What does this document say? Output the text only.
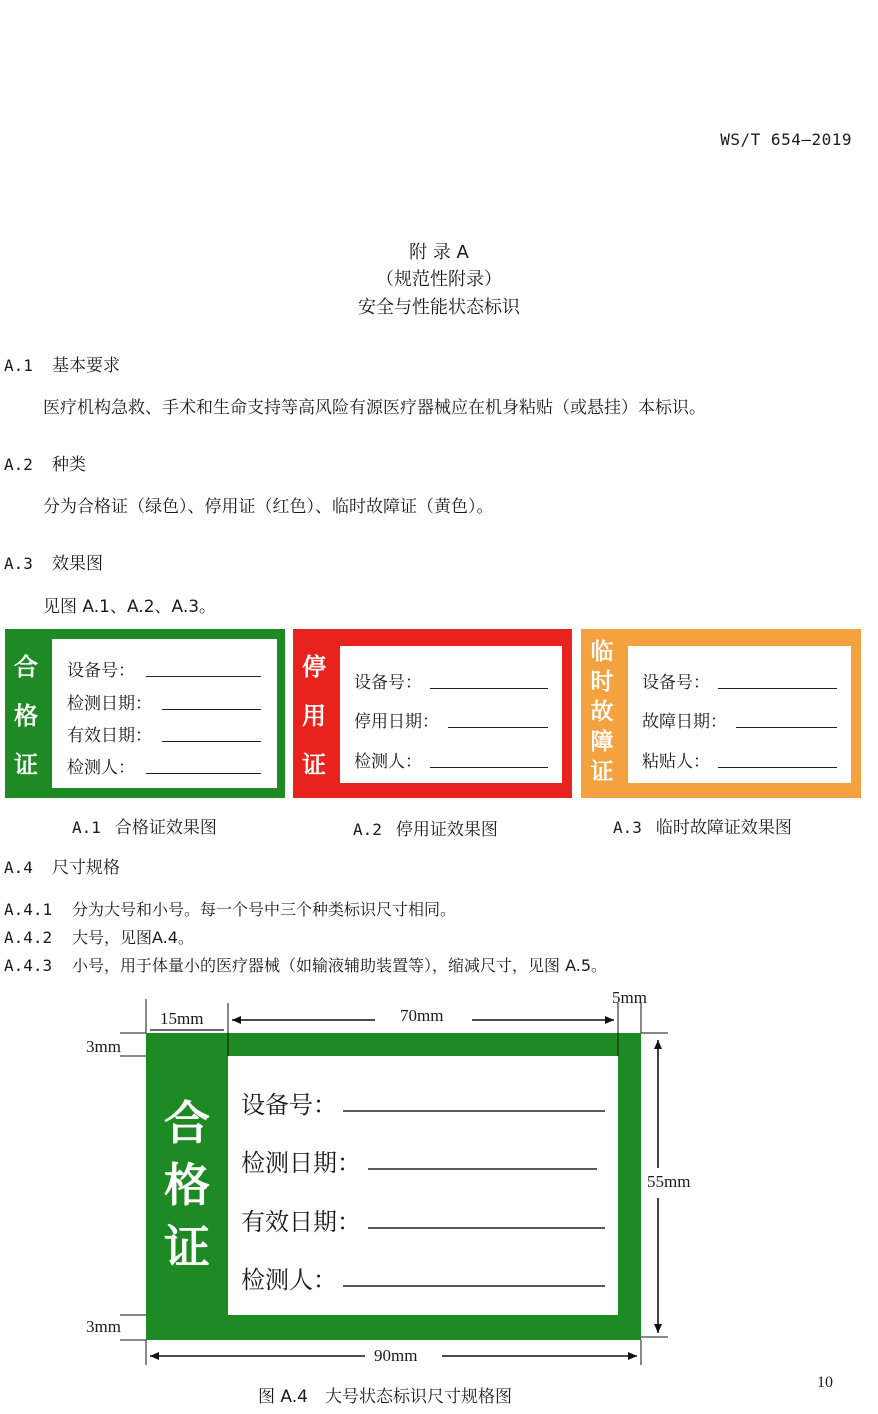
WS/T 654—2019
附 录 A
（规范性附录）
安全与性能状态标识
A.1 基本要求
医疗机构急救、手术和生命支持等高风险有源医疗器械应在机身粘贴（或悬挂）本标识。
A.2 种类
分为合格证（绿色）、停用证（红色）、临时故障证（黄色）。
A.3 效果图
见图 A.1、A.2、A.3。
合
格
证
设备号：
检测日期：
有效日期：
检测人：
A.1 合格证效果图
停
用
证
设备号：
停用日期：
检测人：
A.2 停用证效果图
临
时
故
障
证
设备号：
故障日期：
粘贴人：
A.3 临时故障证效果图
A.4 尺寸规格
A.4.1 分为大号和小号。每一个号中三个种类标识尺寸相同。
A.4.2 大号，见图A.4。
A.4.3 小号，用于体量小的医疗器械（如输液辅助装置等），缩减尺寸，见图 A.5。
合
格
证
设备号：
检测日期：
有效日期：
检测人：
15mm	70mm
5mm
3mm
3mm
55mm
90mm
图 A.4　大号状态标识尺寸规格图
10
